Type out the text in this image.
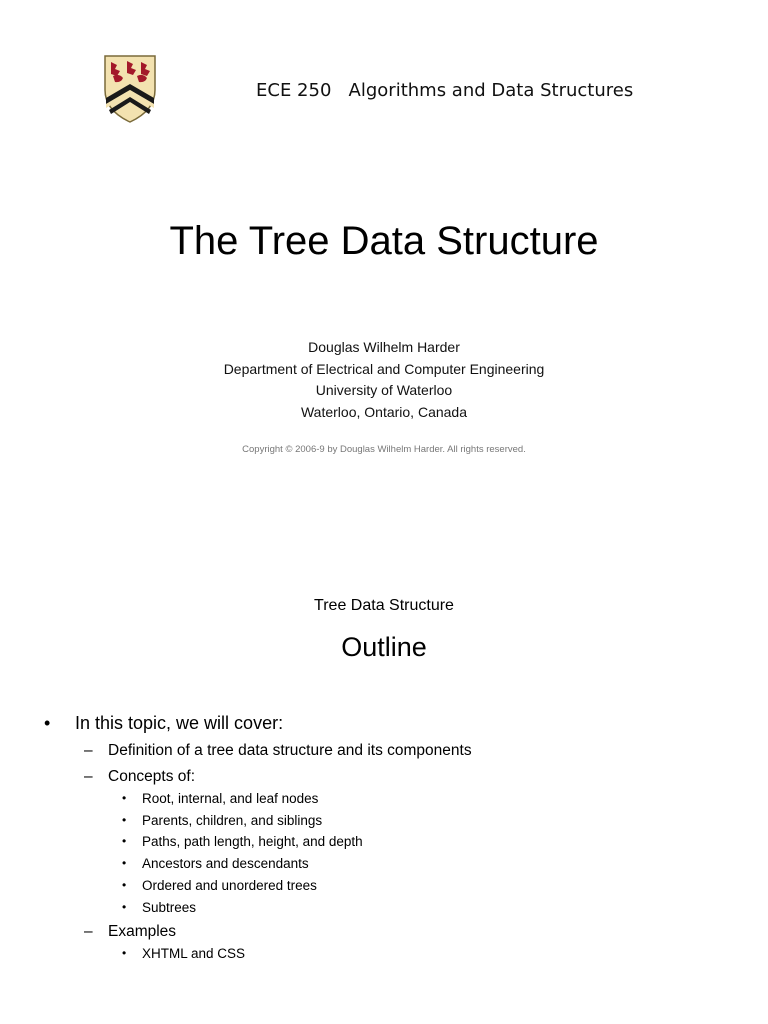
ECE 250   Algorithms and Data Structures
The Tree Data Structure
Douglas Wilhelm Harder
Department of Electrical and Computer Engineering
University of Waterloo
Waterloo, Ontario, Canada
Copyright © 2006-9 by Douglas Wilhelm Harder. All rights reserved.
Tree Data Structure
Outline
• In this topic, we will cover:
– Definition of a tree data structure and its components
– Concepts of:
• Root, internal, and leaf nodes
• Parents, children, and siblings
• Paths, path length, height, and depth
• Ancestors and descendants
• Ordered and unordered trees
• Subtrees
– Examples
• XHTML and CSS
